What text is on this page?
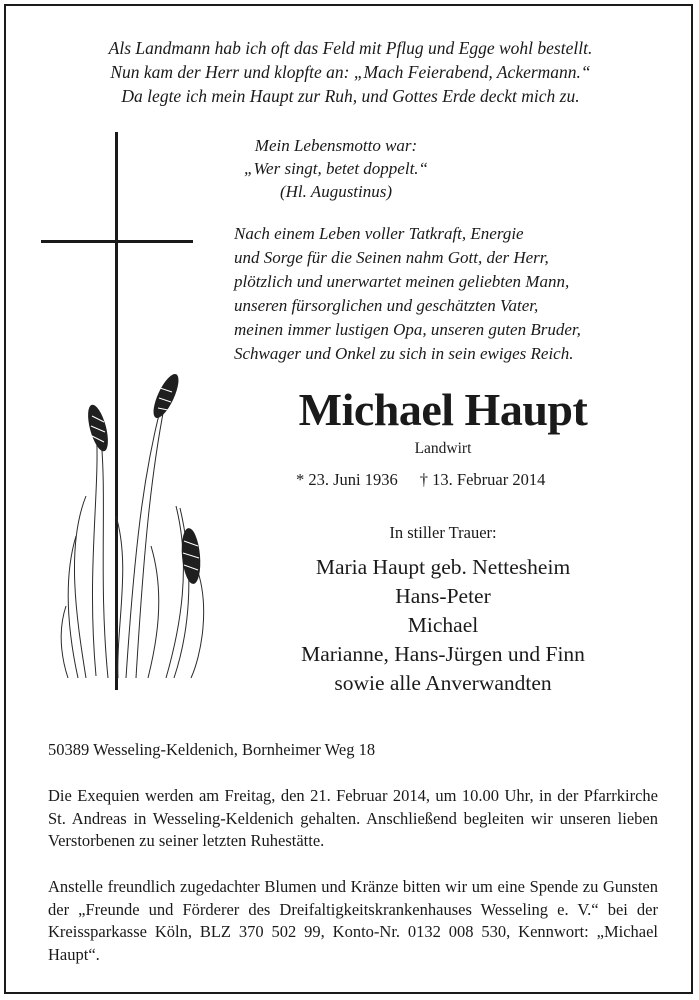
Als Landmann hab ich oft das Feld mit Pflug und Egge wohl bestellt.
Nun kam der Herr und klopfte an: „Mach Feierabend, Ackermann.“
Da legte ich mein Haupt zur Ruh, und Gottes Erde deckt mich zu.
Mein Lebensmotto war:
„Wer singt, betet doppelt.“
(Hl. Augustinus)
Nach einem Leben voller Tatkraft, Energie
und Sorge für die Seinen nahm Gott, der Herr,
plötzlich und unerwartet meinen geliebten Mann,
unseren fürsorglichen und geschätzten Vater,
meinen immer lustigen Opa, unseren guten Bruder,
Schwager und Onkel zu sich in sein ewiges Reich.
Michael Haupt
Landwirt
* 23. Juni 1936 † 13. Februar 2014
In stiller Trauer:
Maria Haupt geb. Nettesheim
Hans-Peter
Michael
Marianne, Hans-Jürgen und Finn
sowie alle Anverwandten
50389 Wesseling-Keldenich, Bornheimer Weg 18
Die Exequien werden am Freitag, den 21. Februar 2014, um 10.00 Uhr, in der Pfarrkirche St. Andreas in Wesseling-Keldenich gehalten. Anschließend begleiten wir unseren lieben Verstorbenen zu seiner letzten Ruhestätte.
Anstelle freundlich zugedachter Blumen und Kränze bitten wir um eine Spende zu Gunsten der „Freunde und Förderer des Dreifaltigkeitskrankenhauses Wesseling e. V.“ bei der Kreissparkasse Köln, BLZ 370 502 99, Konto-Nr. 0132 008 530, Kennwort: „Michael Haupt“.
